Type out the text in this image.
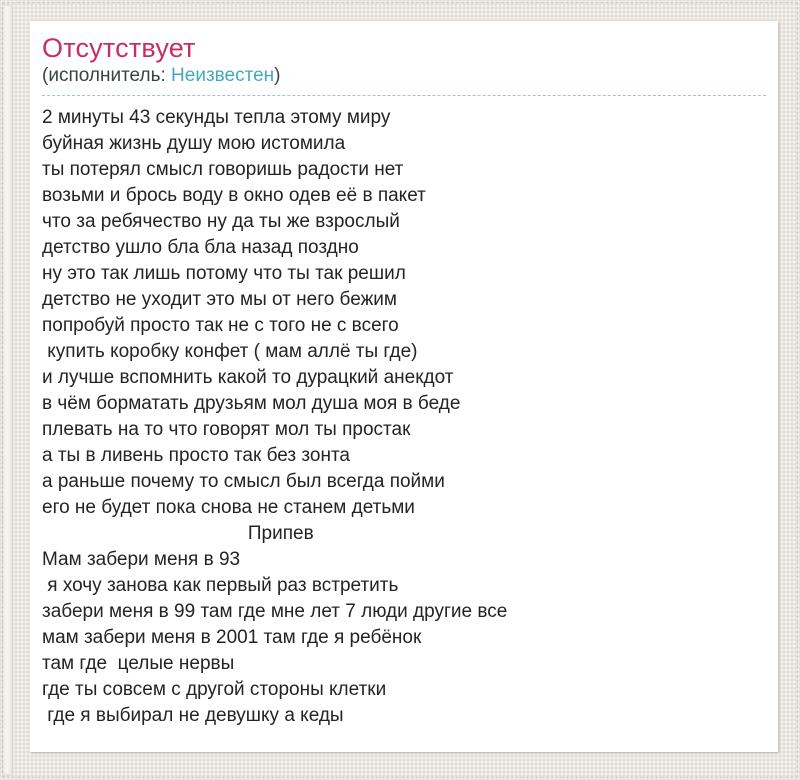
Отсутствует
(исполнитель: Неизвестен)
2 минуты 43 секунды тепла этому миру
буйная жизнь душу мою истомила
ты потерял смысл говоришь радости нет
возьми и брось воду в окно одев её в пакет
что за ребячество ну да ты же взрослый
детство ушло бла бла назад поздно
ну это так лишь потому что ты так решил
детство не уходит это мы от него бежим
попробуй просто так не с того не с всего
купить коробку конфет ( мам аллё ты где)
и лучше вспомнить какой то дурацкий анекдот
в чём борматать друзьям мол душа моя в беде
плевать на то что говорят мол ты простак
а ты в ливень просто так без зонта
а раньше почему то смысл был всегда пойми
его не будет пока снова не станем детьми
Припев
Мам забери меня в 93
я хочу занова как первый раз встретить
забери меня в 99 там где мне лет 7 люди другие все
мам забери меня в 2001 там где я ребёнок
там где  целые нервы
где ты совсем с другой стороны клетки
где я выбирал не девушку а кеды
